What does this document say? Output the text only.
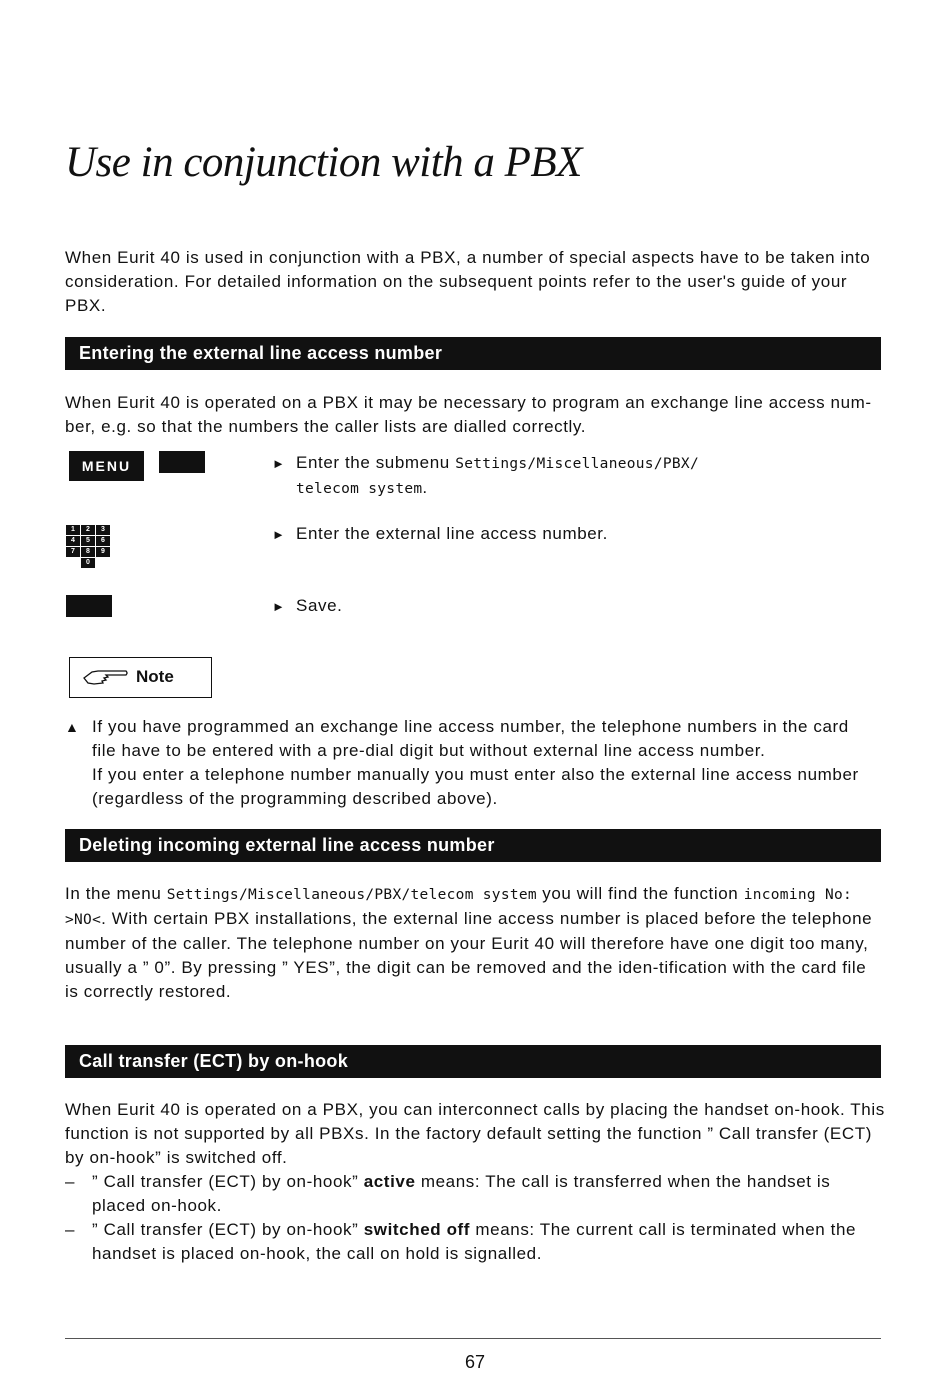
Use in conjunction with a PBX
When Eurit 40 is used in conjunction with a PBX, a number of special aspects have to be taken into consideration. For detailed information on the subsequent points refer to the user's guide of your PBX.
Entering the external line access number
When Eurit 40 is operated on a PBX it may be necessary to program an exchange line access num-ber, e.g. so that the numbers the caller lists are dialled correctly.
MENU	► Enter the submenu Settings/Miscellaneous/PBX/
telecom system.
1	2	3
4	5	6
7	8	9
0
► Enter the external line access number.
► Save.
Note
▲ If you have programmed an exchange line access number, the telephone numbers in the card
file have to be entered with a pre-dial digit but without external line access number.
If you enter a telephone number manually you must enter also the external line access number
(regardless of the programming described above).
Deleting incoming external line access number
In the menu Settings/Miscellaneous/PBX/telecom system you will find the function incoming No: >NO<. With certain PBX installations, the external line access number is placed before the telephone number of the caller. The telephone number on your Eurit 40 will therefore have one digit too many, usually a ” 0”. By pressing ” YES”, the digit can be removed and the iden-tification with the card file is correctly restored.
Call transfer (ECT) by on-hook
When Eurit 40 is operated on a PBX, you can interconnect calls by placing the handset on-hook. This function is not supported by all PBXs. In the factory default setting the function ” Call transfer (ECT) by on-hook” is switched off.
– ” Call transfer (ECT) by on-hook” active means: The call is transferred when the handset is placed on-hook.
– ” Call transfer (ECT) by on-hook” switched off means: The current call is terminated when the handset is placed on-hook, the call on hold is signalled.
67
